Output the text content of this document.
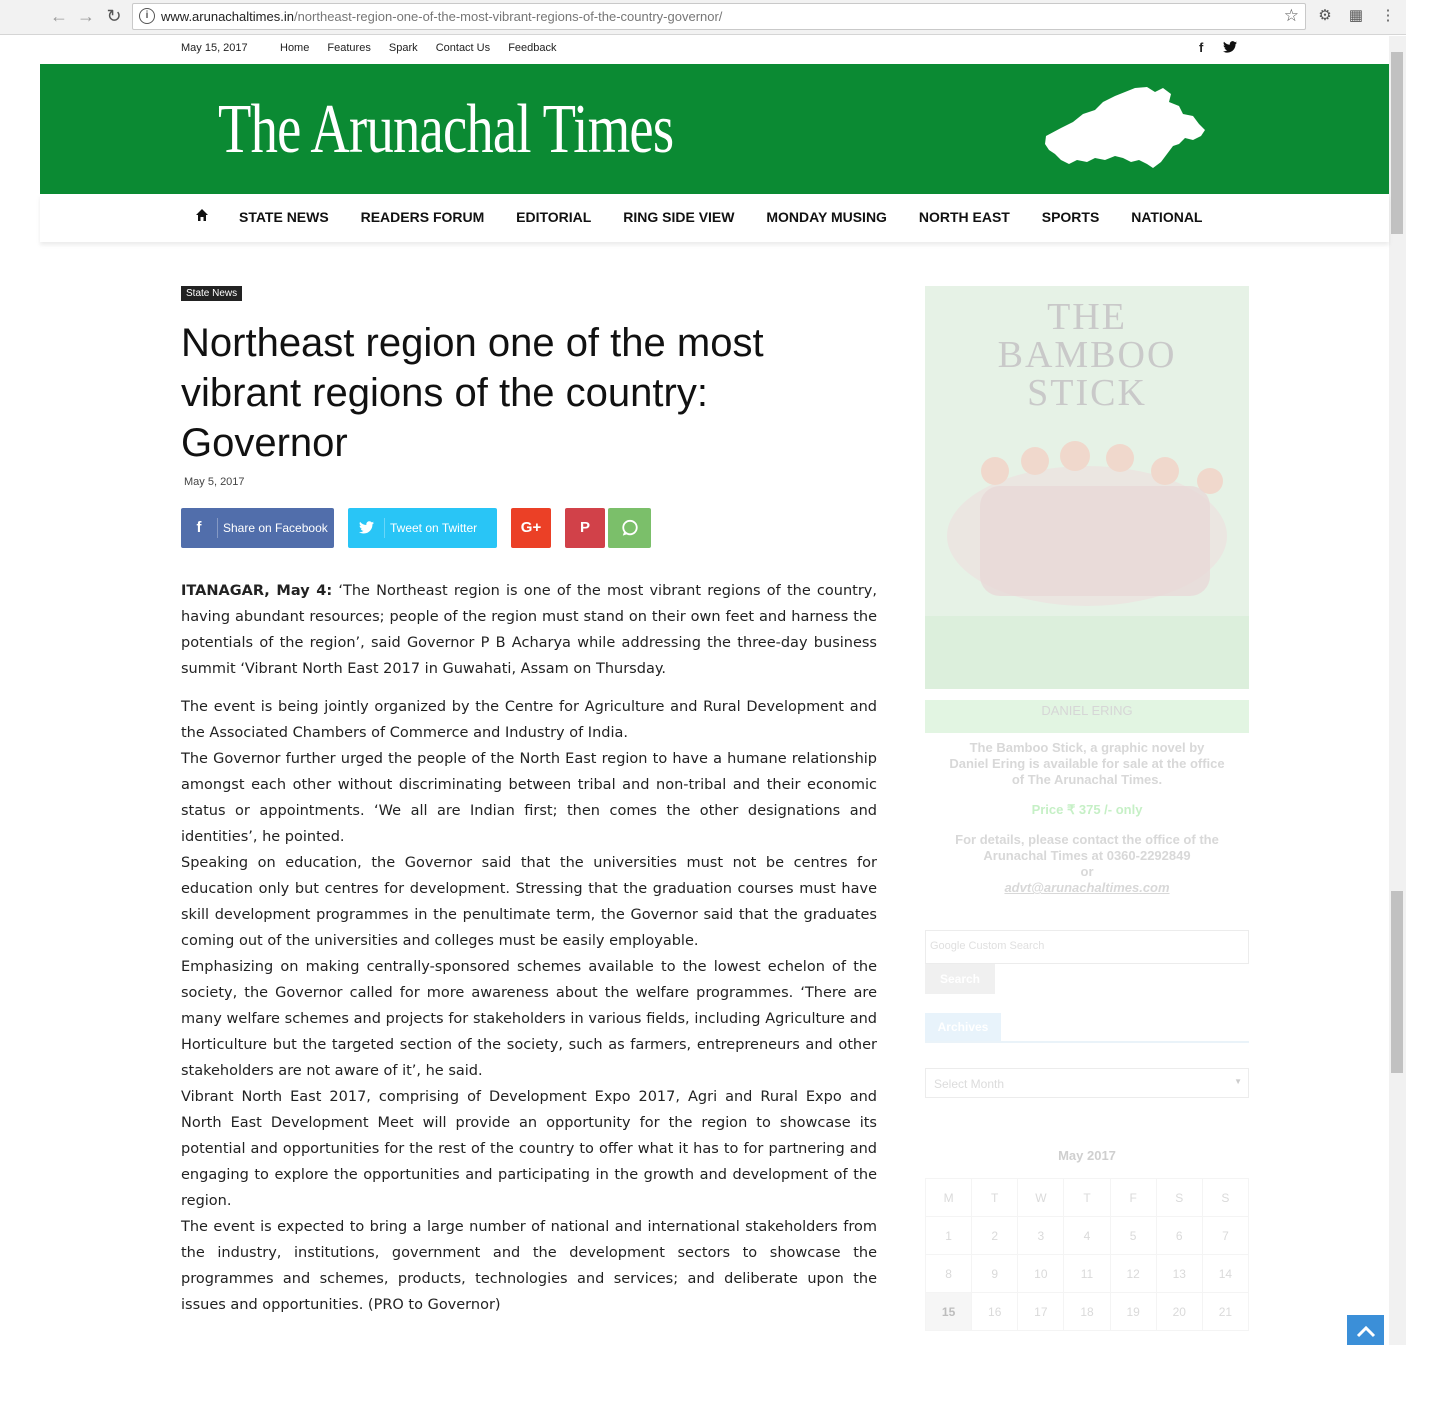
← → ↻	i www.arunachaltimes.in/northeast-region-one-of-the-most-vibrant-regions-of-the-country-governor/	☆ ⚙ ▦ ⋮
May 15, 2017	Home Features Spark Contact Us Feedback	f
The Arunachal Times
STATE NEWS READERS FORUM EDITORIAL RING SIDE VIEW MONDAY MUSING NORTH EAST SPORTS NATIONAL
State News
Northeast region one of the most vibrant regions of the country: Governor
May 5, 2017
f	Share on Facebook	Tweet on Twitter	G+	P

ITANAGAR, May 4: ‘The Northeast region is one of the most vibrant regions of the country, having abundant resources; people of the region must stand on their own feet and harness the potentials of the region’, said Governor P B Acharya while addressing the three-day business summit ‘Vibrant North East 2017 in Guwahati, Assam on Thursday.

The event is being jointly organized by the Centre for Agriculture and Rural Development and the Associated Chambers of Commerce and Industry of India.

The Governor further urged the people of the North East region to have a humane relationship amongst each other without discriminating between tribal and non-tribal and their economic status or appointments. ‘We all are Indian first; then comes the other designations and identities’, he pointed.

Speaking on education, the Governor said that the universities must not be centres for education only but centres for development. Stressing that the graduation courses must have skill development programmes in the penultimate term, the Governor said that the graduates coming out of the universities and colleges must be easily employable.

Emphasizing on making centrally-sponsored schemes available to the lowest echelon of the society, the Governor called for more awareness about the welfare programmes. ‘There are many welfare schemes and projects for stakeholders in various fields, including Agriculture and Horticulture but the targeted section of the society, such as farmers, entrepreneurs and other stakeholders are not aware of it’, he said.

Vibrant North East 2017, comprising of Development Expo 2017, Agri and Rural Expo and North East Development Meet will provide an opportunity for the region to showcase its potential and opportunities for the rest of the country to offer what it has to for partnering and engaging to explore the opportunities and participating in the growth and development of the region.

The event is expected to bring a large number of national and international stakeholders from the industry, institutions, government and the development sectors to showcase the programmes and schemes, products, technologies and services; and deliberate upon the issues and opportunities. (PRO to Governor)

THE
BAMBOO
STICK
DANIEL ERING
The Bamboo Stick, a graphic novel by
Daniel Ering is available for sale at the office
of The Arunachal Times.
Price ₹ 375 /- only
For details, please contact the office of the
Arunachal Times at 0360-2292849
or
advt@arunachaltimes.com
Google Custom Search
Search
Archives
Select Month	▼
May 2017
M	T	W	T	F	S	S
1	2	3	4	5	6	7
8	9	10	11	12	13	14
15	16	17	18	19	20	21
